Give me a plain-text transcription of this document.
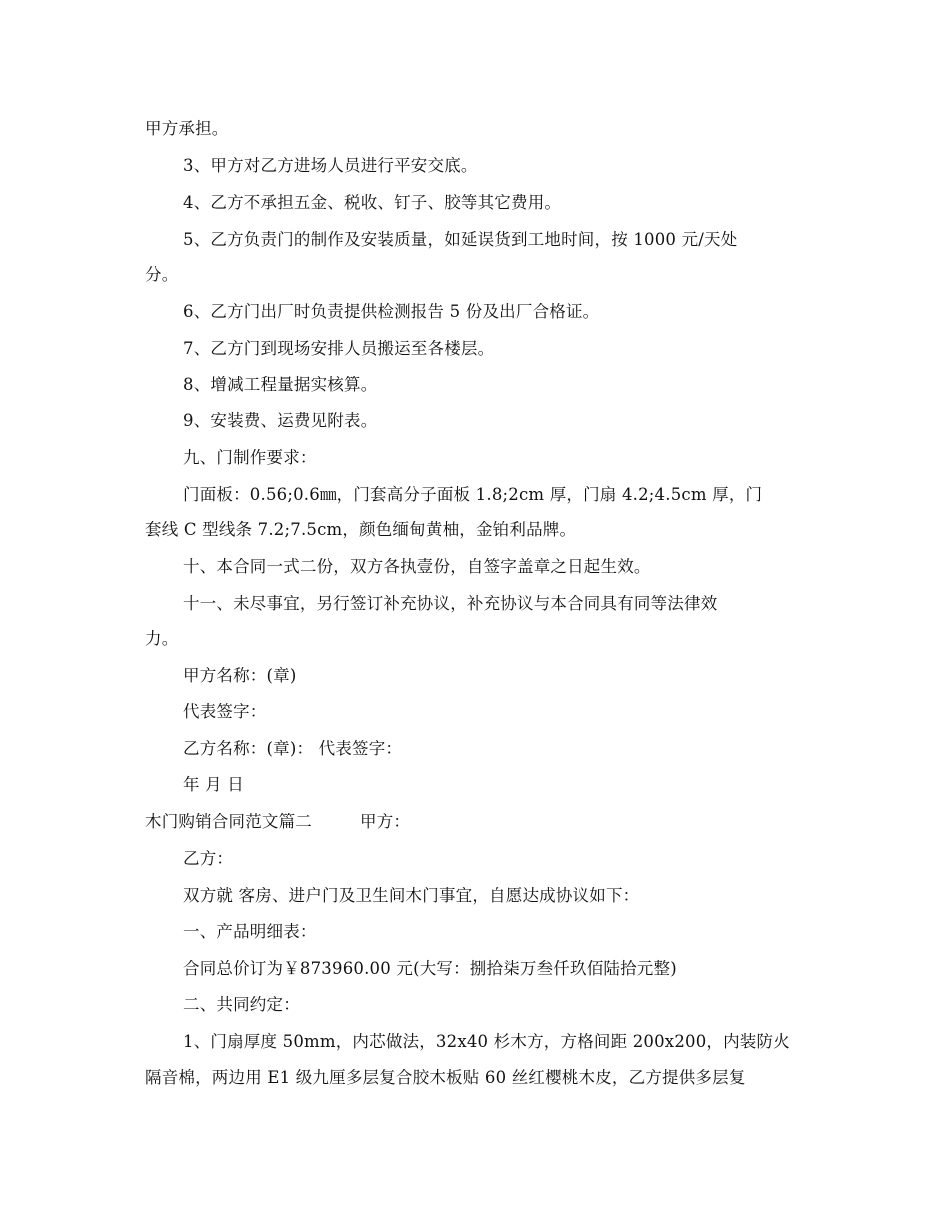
甲方承担。
3、甲方对乙方进场人员进行平安交底。
4、乙方不承担五金、税收、钉子、胶等其它费用。
5、乙方负责门的制作及安装质量，如延误货到工地时间，按 1000 元/天处
分。
6、乙方门出厂时负责提供检测报告 5 份及出厂合格证。
7、乙方门到现场安排人员搬运至各楼层。
8、增减工程量据实核算。
9、安装费、运费见附表。
九、门制作要求：
门面板：0.56;0.6㎜，门套高分子面板 1.8;2cm 厚，门扇 4.2;4.5cm 厚，门
套线 C 型线条 7.2;7.5cm，颜色缅甸黄柚，金铂利品牌。
十、本合同一式二份，双方各执壹份，自签字盖章之日起生效。
十一、未尽事宜，另行签订补充协议，补充协议与本合同具有同等法律效
力。
甲方名称：(章)
代表签字：
乙方名称：(章)： 代表签字：
年 月 日
木门购销合同范文篇二	甲方：
乙方：
双方就 客房、进户门及卫生间木门事宜，自愿达成协议如下：
一、产品明细表：
合同总价订为￥873960.00 元(大写：捌拾柒万叁仟玖佰陆拾元整)
二、共同约定：
1、门扇厚度 50mm，内芯做法，32x40 杉木方，方格间距 200x200，内装防火
隔音棉，两边用 E1 级九厘多层复合胶木板贴 60 丝红樱桃木皮，乙方提供多层复
